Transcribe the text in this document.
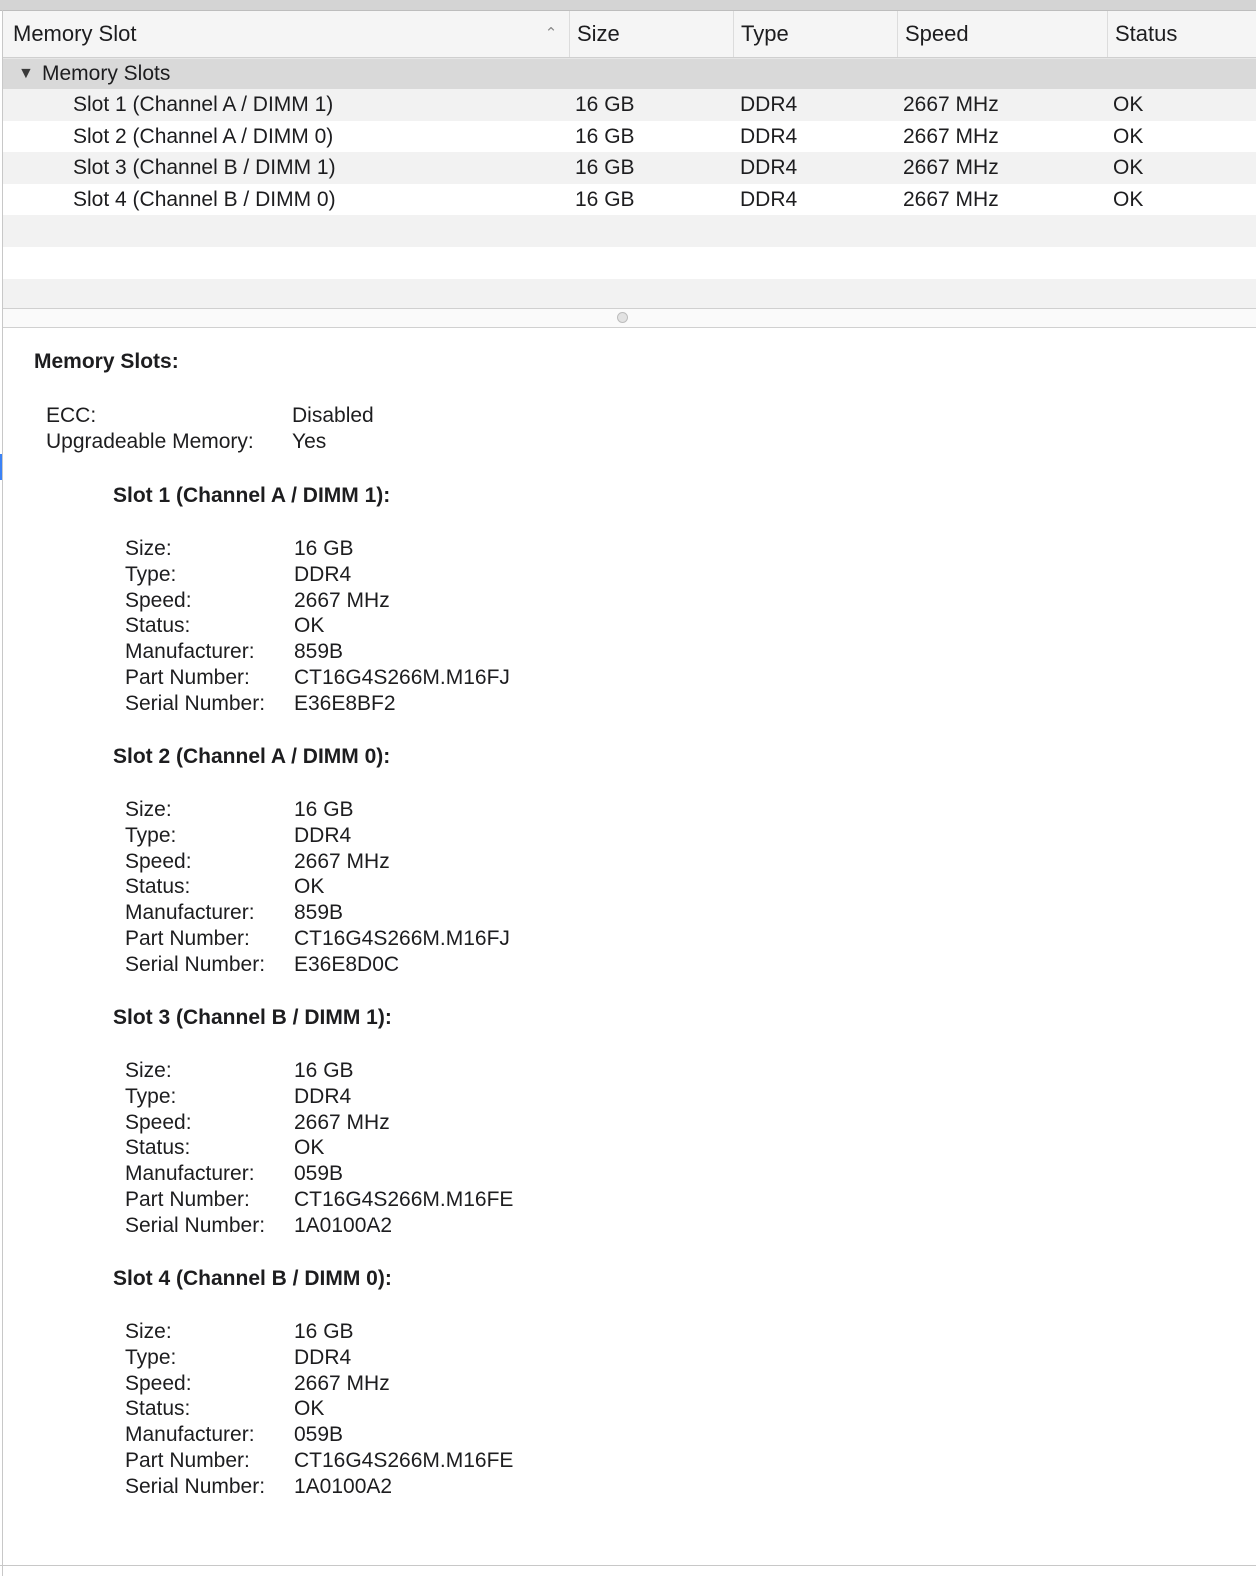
Memory Slot	⌃ Size	Type	Speed	Status
▼ Memory Slots
Slot 1 (Channel A / DIMM 1)	16 GB	DDR4	2667 MHz	OK
Slot 2 (Channel A / DIMM 0)	16 GB	DDR4	2667 MHz	OK
Slot 3 (Channel B / DIMM 1)	16 GB	DDR4	2667 MHz	OK
Slot 4 (Channel B / DIMM 0)	16 GB	DDR4	2667 MHz	OK
Memory Slots:
ECC:	Disabled
Upgradeable Memory: Yes
Slot 1 (Channel A / DIMM 1):
Size:	16 GB
Type:	DDR4
Speed:	2667 MHz
Status:	OK
Manufacturer: 859B
Part Number: CT16G4S266M.M16FJ
Serial Number: E36E8BF2
Slot 2 (Channel A / DIMM 0):
Size:	16 GB
Type:	DDR4
Speed:	2667 MHz
Status:	OK
Manufacturer: 859B
Part Number: CT16G4S266M.M16FJ
Serial Number: E36E8D0C
Slot 3 (Channel B / DIMM 1):
Size:	16 GB
Type:	DDR4
Speed:	2667 MHz
Status:	OK
Manufacturer: 059B
Part Number: CT16G4S266M.M16FE
Serial Number: 1A0100A2
Slot 4 (Channel B / DIMM 0):
Size:	16 GB
Type:	DDR4
Speed:	2667 MHz
Status:	OK
Manufacturer: 059B
Part Number: CT16G4S266M.M16FE
Serial Number: 1A0100A2
